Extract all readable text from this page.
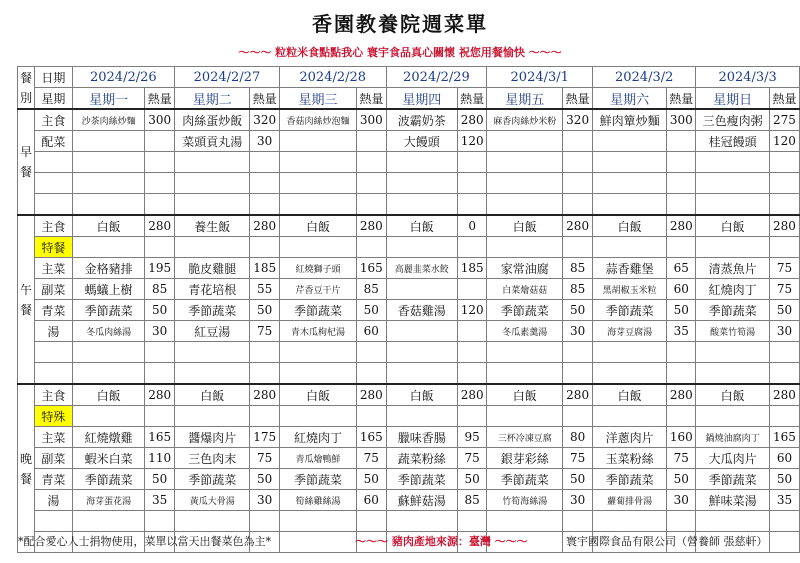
香園教養院週菜單
～～～ 粒粒米食點點我心 寰宇食品真心關懷 祝您用餐愉快 ～～～
餐別	日期	2024/2/26		2024/2/27		2024/2/28		2024/2/29		2024/3/1		2024/3/2		2024/3/3	
	星期	星期一	熱量	星期二	熱量	星期三	熱量	星期四	熱量	星期五	熱量	星期六	熱量	星期日	熱量
早餐	主食	沙茶肉絲炒麵	300	肉絲蛋炒飯	320	香菇肉絲炒泡麵	300	波霸奶茶	280	麻香肉絲炒米粉	320	鮮肉簞炒麵	300	三色瘦肉粥	275
	配菜			菜頭貢丸湯	30			大饅頭	120					桂冠饅頭	120

午餐	主食	白飯	280	養生飯	280	白飯	280	白飯	0	白飯	280	白飯	280	白飯	280
	特餐														
	主菜	金格豬排	195	脆皮雞腿	185	紅燒獅子頭	165	高麗韭菜水餃	185	家常油腐	85	蒜香雞堡	65	清蒸魚片	75
	副菜	螞蟻上樹	85	青花培根	55	芹香豆干片	85			白菜燴菇菇	85	黑胡椒玉米粒	60	紅燒肉丁	75
	青菜	季節蔬菜	50	季節蔬菜	50	季節蔬菜	50	香菇雞湯	120	季節蔬菜	50	季節蔬菜	50	季節蔬菜	50
	湯	冬瓜肉絲湯	30	紅豆湯	75	青木瓜枸杞湯	60			冬瓜素羹湯	30	海芽豆腐湯	35	酸菜竹筍湯	30

晚餐	主食	白飯	280	白飯	280	白飯	280	白飯	280	白飯	280	白飯	280	白飯	280
	特殊														
	主菜	紅燒燉雞	165	醬爆肉片	175	紅燒肉丁	165	臘味香腸	95	三杯冷凍豆腐	80	洋蔥肉片	160	鍋燒油腐肉丁	165
	副菜	蝦米白菜	110	三色肉末	75	青瓜燴鴨鮮	75	蔬菜粉絲	75	銀芽彩絲	75	玉菜粉絲	75	大瓜肉片	60
	青菜	季節蔬菜	50	季節蔬菜	50	季節蔬菜	50	季節蔬菜	50	季節蔬菜	50	季節蔬菜	50	季節蔬菜	50
	湯	海芽蛋花湯	35	黃瓜大骨湯	30	筍絲雞絲湯	60	蘇鮮菇湯	85	竹筍海絲湯	30	蘿蔔排骨湯	30	鮮味菜湯	35

*配合愛心人士捐物使用，菜單以當天出餐菜色為主*	～～～ 豬肉產地來源：臺灣 ～～～	寰宇國際食品有限公司（營養師 張慈軒）
